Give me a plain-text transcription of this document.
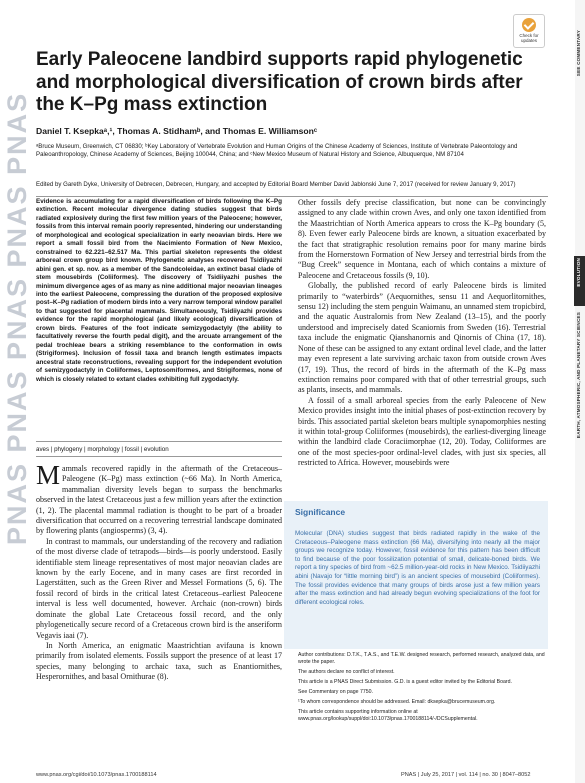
PNAS PNAS PNAS PNAS PNAS
SEE COMMENTARY
EVOLUTION
EARTH, ATMOSPHERIC, AND PLANETARY SCIENCES
Check for
updates
Early Paleocene landbird supports rapid phylogenetic and morphological diversification of crown birds after the K–Pg mass extinction
Daniel T. Ksepkaᵃ,¹, Thomas A. Stidhamᵇ, and Thomas E. Williamsonᶜ
ᵃBruce Museum, Greenwich, CT 06830; ᵇKey Laboratory of Vertebrate Evolution and Human Origins of the Chinese Academy of Sciences, Institute of Vertebrate Paleontology and Paleoanthropology, Chinese Academy of Sciences, Beijing 100044, China; and ᶜNew Mexico Museum of Natural History and Science, Albuquerque, NM 87104
Edited by Gareth Dyke, University of Debrecen, Debrecen, Hungary, and accepted by Editorial Board Member David Jablonski June 7, 2017 (received for review January 9, 2017)

Evidence is accumulating for a rapid diversification of birds following the K–Pg extinction. Recent molecular divergence dating studies suggest that birds radiated explosively during the first few million years of the Paleocene; however, fossils from this interval remain poorly represented, hindering our understanding of morphological and ecological specialization in early neoavian birds. Here we report a small fossil bird from the Nacimiento Formation of New Mexico, constrained to 62.221–62.517 Ma. This partial skeleton represents the oldest arboreal crown group bird known. Phylogenetic analyses recovered Tsidiiyazhi abini gen. et sp. nov. as a member of the Sandcoleidae, an extinct basal clade of stem mousebirds (Coliiformes). The discovery of Tsidiiyazhi pushes the minimum divergence ages of as many as nine additional major neoavian lineages into the earliest Paleocene, compressing the duration of the proposed explosive post–K–Pg radiation of modern birds into a very narrow temporal window parallel to that suggested for placental mammals. Simultaneously, Tsidiiyazhi provides evidence for the rapid morphological (and likely ecological) diversification of crown birds. Features of the foot indicate semizygodactyly (the ability to facultatively reverse the fourth pedal digit), and the arcuate arrangement of the pedal trochleae bears a striking resemblance to the conformation in owls (Strigiformes). Inclusion of fossil taxa and branch length estimates impacts ancestral state reconstructions, revealing support for the independent evolution of semizygodactyly in Coliiformes, Leptosomiformes, and Strigiformes, none of which is closely related to extant clades exhibiting full zygodactyly.

aves | phylogeny | morphology | fossil | evolution

Mammals recovered rapidly in the aftermath of the Cretaceous–Paleogene (K–Pg) mass extinction (~66 Ma). In North America, mammalian diversity levels began to surpass the benchmarks observed in the latest Cretaceous just a few million years after the extinction (1, 2). The placental mammal radiation is thought to be part of a broader diversification that occurred on a recovering terrestrial landscape dominated by flowering plants (angiosperms) (3, 4).

In contrast to mammals, our understanding of the recovery and radiation of the most diverse clade of tetrapods—birds—is poorly understood. Easily identifiable stem lineage representatives of most major neoavian clades are known by the early Eocene, and in many cases are first recorded in Lagerstätten, such as the Green River and Messel Formations (5, 6). The fossil record of birds in the critical latest Cretaceous–earliest Paleocene interval is less well documented, however. Archaic (non-crown) birds dominate the global Late Cretaceous fossil record, and the only phylogenetically secure record of a Cretaceous crown bird is the anseriform Vegavis iaai (7).

In North America, an enigmatic Maastrichtian avifauna is known primarily from isolated elements. Fossils support the presence of at least 17 species, many belonging to archaic taxa, such as Enantiornithes, Hesperornithes, and basal Ornithurae (8).

Other fossils defy precise classification, but none can be convincingly assigned to any clade within crown Aves, and only one taxon identified from the Maastrichtian of North America appears to cross the K–Pg boundary (5, 8). Even fewer early Paleocene birds are known, a situation exacerbated by the fact that stratigraphic resolution remains poor for many marine birds from the Hornerstown Formation of New Jersey and terrestrial birds from the “Bug Creek” sequence in Montana, each of which contains a mixture of Paleocene and Cretaceous fossils (9, 10).

Globally, the published record of early Paleocene birds is limited primarily to “waterbirds” (Aequornithes, sensu 11 and Aequorlitornithes, sensu 12) including the stem penguin Waimanu, an unnamed stem tropicbird, and the aquatic Australornis from New Zealand (13–15), and the poorly understood and imprecisely dated Scaniornis from Sweden (16). Terrestrial taxa include the enigmatic Qianshanornis and Qinornis of China (17, 18). None of these can be assigned to any extant ordinal level clade, and the latter may even represent a late surviving archaic taxon from outside crown Aves (17, 19). Thus, the record of birds in the aftermath of the K–Pg mass extinction remains poor compared with that of other terrestrial groups, such as plants, insects, and mammals.

A fossil of a small arboreal species from the early Paleocene of New Mexico provides insight into the initial phases of post-extinction recovery by birds. This associated partial skeleton bears multiple synapomorphies nesting it within total-group Coliiformes (mousebirds), the earliest-diverging lineage within the landbird clade Coraciimorphae (12, 20). Today, Coliiformes are one of the most species-poor ordinal-level clades, with just six species, all restricted to Africa. However, mousebirds were

Significance

Molecular (DNA) studies suggest that birds radiated rapidly in the wake of the Cretaceous–Paleogene mass extinction (66 Ma), diversifying into nearly all the major groups we recognize today. However, fossil evidence for this pattern has been difficult to find because of the poor fossilization potential of small, delicate-boned birds. We report a tiny species of bird from ~62.5 million-year-old rocks in New Mexico. Tsidiiyazhi abini (Navajo for “little morning bird”) is an ancient species of mousebird (Coliiformes). The fossil provides evidence that many groups of birds arose just a few million years after the mass extinction and had already begun evolving specializations of the foot for different ecological roles.

Author contributions: D.T.K., T.A.S., and T.E.W. designed research, performed research, analyzed data, and wrote the paper.

The authors declare no conflict of interest.

This article is a PNAS Direct Submission. G.D. is a guest editor invited by the Editorial Board.

See Commentary on page 7750.

¹To whom correspondence should be addressed. Email: dksepka@brucemuseum.org.

This article contains supporting information online at www.pnas.org/lookup/suppl/doi:10.1073/pnas.1700188114/-/DCSupplemental.

www.pnas.org/cgi/doi/10.1073/pnas.1700188114	PNAS | July 25, 2017 | vol. 114 | no. 30 | 8047–8052
